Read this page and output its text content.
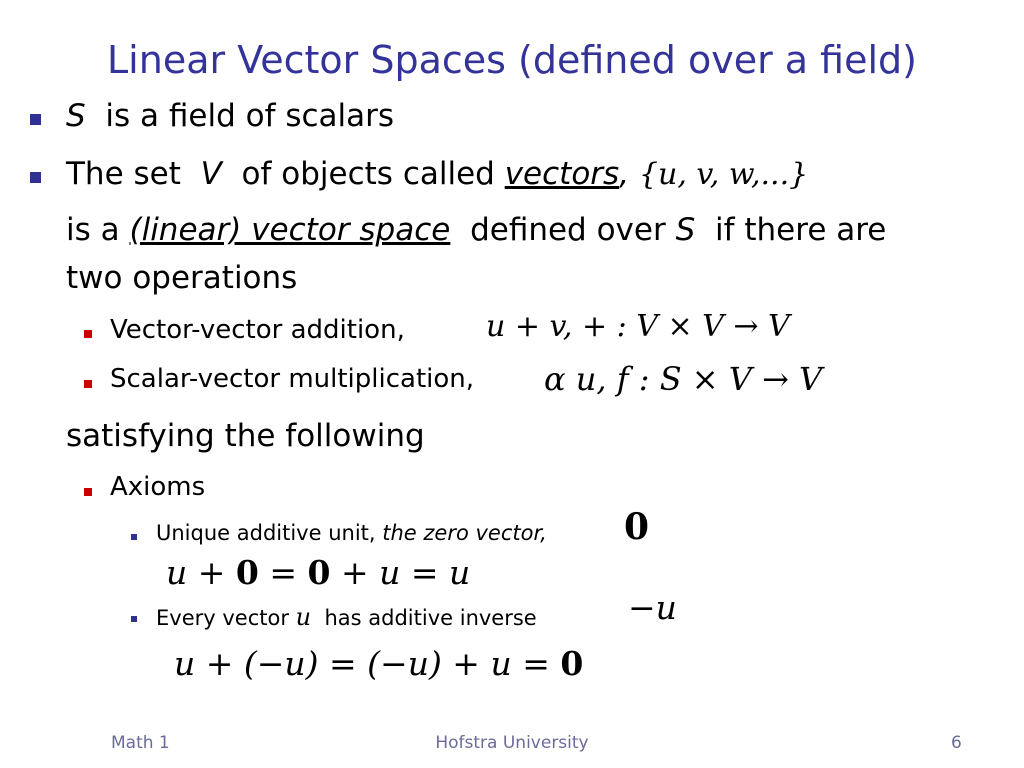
Linear Vector Spaces (defined over a field)
S is a field of scalars
The set V of objects called vectors, {u, v, w,...}
is a (linear) vector space defined over S if there are
two operations
Vector-vector addition,	u + v, + : V × V → V
Scalar-vector multiplication, α u, f : S × V → V
satisfying the following
Axioms
Unique additive unit, the zero vector, 0
u + 0 = 0 + u = u
Every vector u has additive inverse	−u
u + (−u) = (−u) + u = 0
Math 1	Hofstra University	6
